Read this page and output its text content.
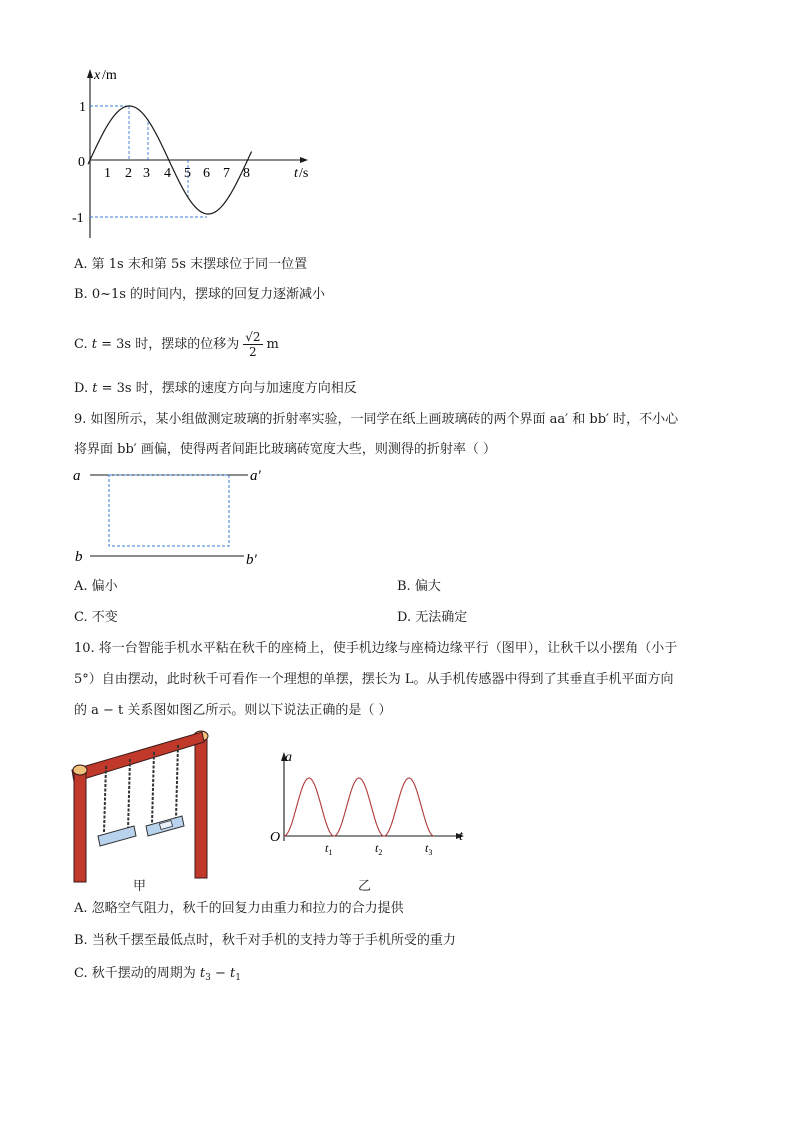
x /m
t /s
1
0
-1
1 2 3 4 5 6 7 8
A. 第 1s 末和第 5s 末摆球位于同一位置
B. 0~1s 的时间内，摆球的回复力逐渐减小
C. t = 3s 时，摆球的位移为 $\frac{√2}{2}$ m
D. t = 3s 时，摆球的速度方向与加速度方向相反
9. 如图所示，某小组做测定玻璃的折射率实验，一同学在纸上画玻璃砖的两个界面 aa′ 和 bb′ 时，不小心
将界面 bb′ 画偏，使得两者间距比玻璃砖宽度大些，则测得的折射率（ ）
a	a′
b	b′
A. 偏小	B. 偏大
C. 不变	D. 无法确定
10. 将一台智能手机水平粘在秋千的座椅上，使手机边缘与座椅边缘平行（图甲），让秋千以小摆角（小于
5°）自由摆动，此时秋千可看作一个理想的单摆，摆长为 L。从手机传感器中得到了其垂直手机平面方向
的 a − t 关系图如图乙所示。则以下说法正确的是（ ）
甲
a
t
O
$t_1$	$t_2$	$t_3$
乙
A. 忽略空气阻力，秋千的回复力由重力和拉力的合力提供
B. 当秋千摆至最低点时，秋千对手机的支持力等于手机所受的重力
C. 秋千摆动的周期为 $t_3 - t_1$
